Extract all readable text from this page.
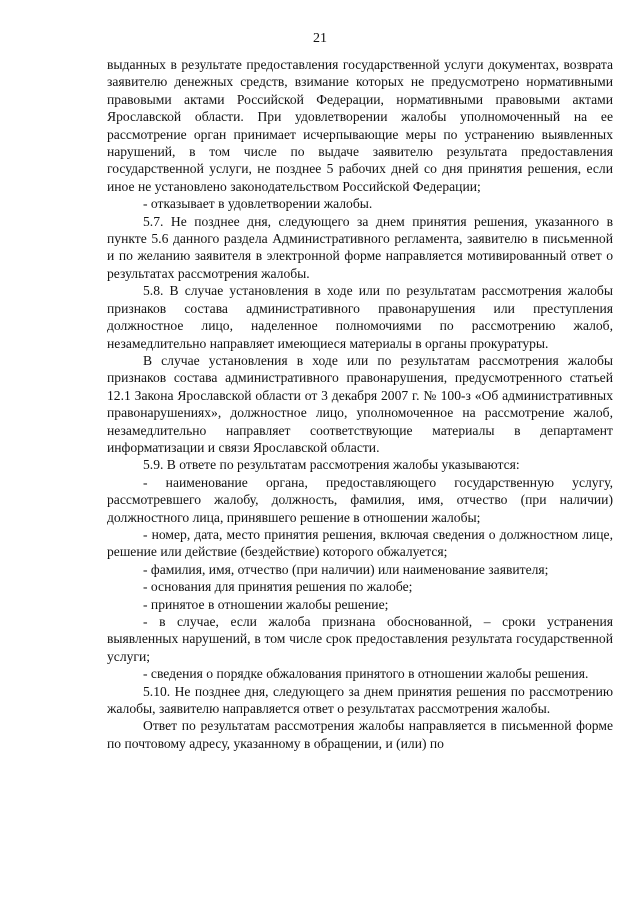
21

выданных в результате предоставления государственной услуги документах, возврата заявителю денежных средств, взимание которых не предусмотрено нормативными правовыми актами Российской Федерации, нормативными правовыми актами Ярославской области. При удовлетворении жалобы уполномоченный на ее рассмотрение орган принимает исчерпывающие меры по устранению выявленных нарушений, в том числе по выдаче заявителю результата предоставления государственной услуги, не позднее 5 рабочих дней со дня принятия решения, если иное не установлено законодательством Российской Федерации;

- отказывает в удовлетворении жалобы.

5.7. Не позднее дня, следующего за днем принятия решения, указанного в пункте 5.6 данного раздела Административного регламента, заявителю в письменной и по желанию заявителя в электронной форме направляется мотивированный ответ о результатах рассмотрения жалобы.

5.8. В случае установления в ходе или по результатам рассмотрения жалобы признаков состава административного правонарушения или преступления должностное лицо, наделенное полномочиями по рассмотрению жалоб, незамедлительно направляет имеющиеся материалы в органы прокуратуры.

В случае установления в ходе или по результатам рассмотрения жалобы признаков состава административного правонарушения, предусмотренного статьей 12.1 Закона Ярославской области от 3 декабря 2007 г. № 100-з «Об административных правонарушениях», должностное лицо, уполномоченное на рассмотрение жалоб, незамедлительно направляет соответствующие материалы в департамент информатизации и связи Ярославской области.

5.9. В ответе по результатам рассмотрения жалобы указываются:

- наименование органа, предоставляющего государственную услугу, рассмотревшего жалобу, должность, фамилия, имя, отчество (при наличии) должностного лица, принявшего решение в отношении жалобы;

- номер, дата, место принятия решения, включая сведения о должностном лице, решение или действие (бездействие) которого обжалуется;

- фамилия, имя, отчество (при наличии) или наименование заявителя;

- основания для принятия решения по жалобе;

- принятое в отношении жалобы решение;

- в случае, если жалоба признана обоснованной, – сроки устранения выявленных нарушений, в том числе срок предоставления результата государственной услуги;

- сведения о порядке обжалования принятого в отношении жалобы решения.

5.10. Не позднее дня, следующего за днем принятия решения по рассмотрению жалобы, заявителю направляется ответ о результатах рассмотрения жалобы.

Ответ по результатам рассмотрения жалобы направляется в письменной форме по почтовому адресу, указанному в обращении, и (или) по
